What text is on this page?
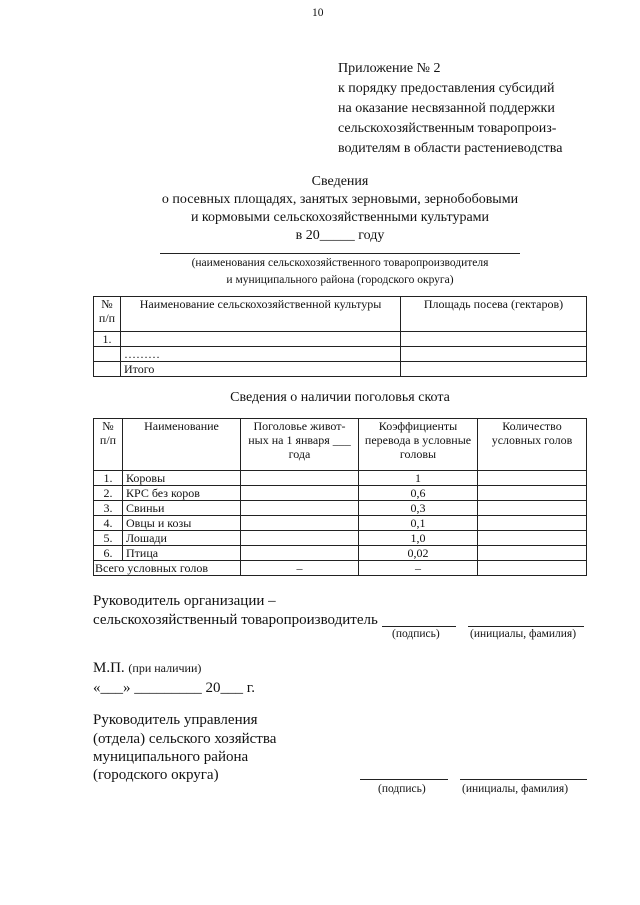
10
Приложение № 2
к порядку предоставления субсидий
на оказание несвязанной поддержки
сельскохозяйственным товаропроиз-
водителям в области растениеводства
Сведения
о посевных площадях, занятых зерновыми, зернобобовыми
и кормовыми сельскохозяйственными культурами
в 20_____ году
(наименования сельскохозяйственного товаропроизводителя
и муниципального района (городского округа)
№ п/п	Наименование сельскохозяйственной культуры	Площадь посева (гектаров)
1.		
	………	
	Итого	
Сведения о наличии поголовья скота
№ п/п	Наименование	Поголовье живот-ных на 1 января ___ года	Коэффициенты перевода в условные головы	Количество условных голов
1.	Коровы		1	
2.	КРС без коров		0,6	
3.	Свиньи		0,3	
4.	Овцы и козы		0,1	
5.	Лошади		1,0	
6.	Птица		0,02	
Всего условных голов		–	–	
Руководитель организации –
сельскохозяйственный товаропроизводитель
(подпись)	(инициалы, фамилия)
М.П. (при наличии)
«___» _________ 20___ г.
Руководитель управления
(отдела) сельского хозяйства
муниципального района
(городского округа)
(подпись)	(инициалы, фамилия)
